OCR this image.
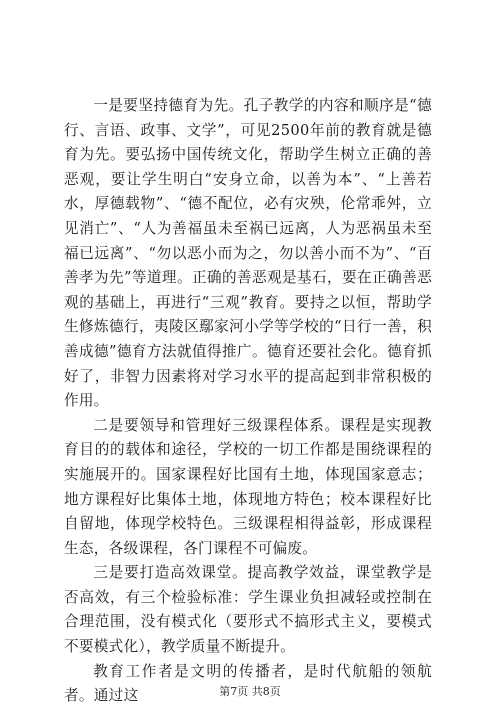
一是要坚持德育为先。孔子教学的内容和顺序是“德行、言语、政事、文学”，可见2500年前的教育就是德育为先。要弘扬中国传统文化，帮助学生树立正确的善恶观，要让学生明白“安身立命，以善为本”、“上善若水，厚德载物”、“德不配位，必有灾殃，伦常乖舛，立见消亡”、“人为善福虽未至祸已远离，人为恶祸虽未至福已远离”、“勿以恶小而为之，勿以善小而不为”、“百善孝为先”等道理。正确的善恶观是基石，要在正确善恶观的基础上，再进行“三观”教育。要持之以恒，帮助学生修炼德行，夷陵区鄢家河小学等学校的“日行一善，积善成德”德育方法就值得推广。德育还要社会化。德育抓好了，非智力因素将对学习水平的提高起到非常积极的作用。

二是要领导和管理好三级课程体系。课程是实现教育目的的载体和途径，学校的一切工作都是围绕课程的实施展开的。国家课程好比国有土地，体现国家意志；地方课程好比集体土地，体现地方特色；校本课程好比自留地，体现学校特色。三级课程相得益彰，形成课程生态，各级课程，各门课程不可偏废。

三是要打造高效课堂。提高教学效益，课堂教学是否高效，有三个检验标准：学生课业负担减轻或控制在合理范围，没有模式化（要形式不搞形式主义，要模式不要模式化），教学质量不断提升。

教育工作者是文明的传播者，是时代航船的领航者。通过这	第7页 共8页
